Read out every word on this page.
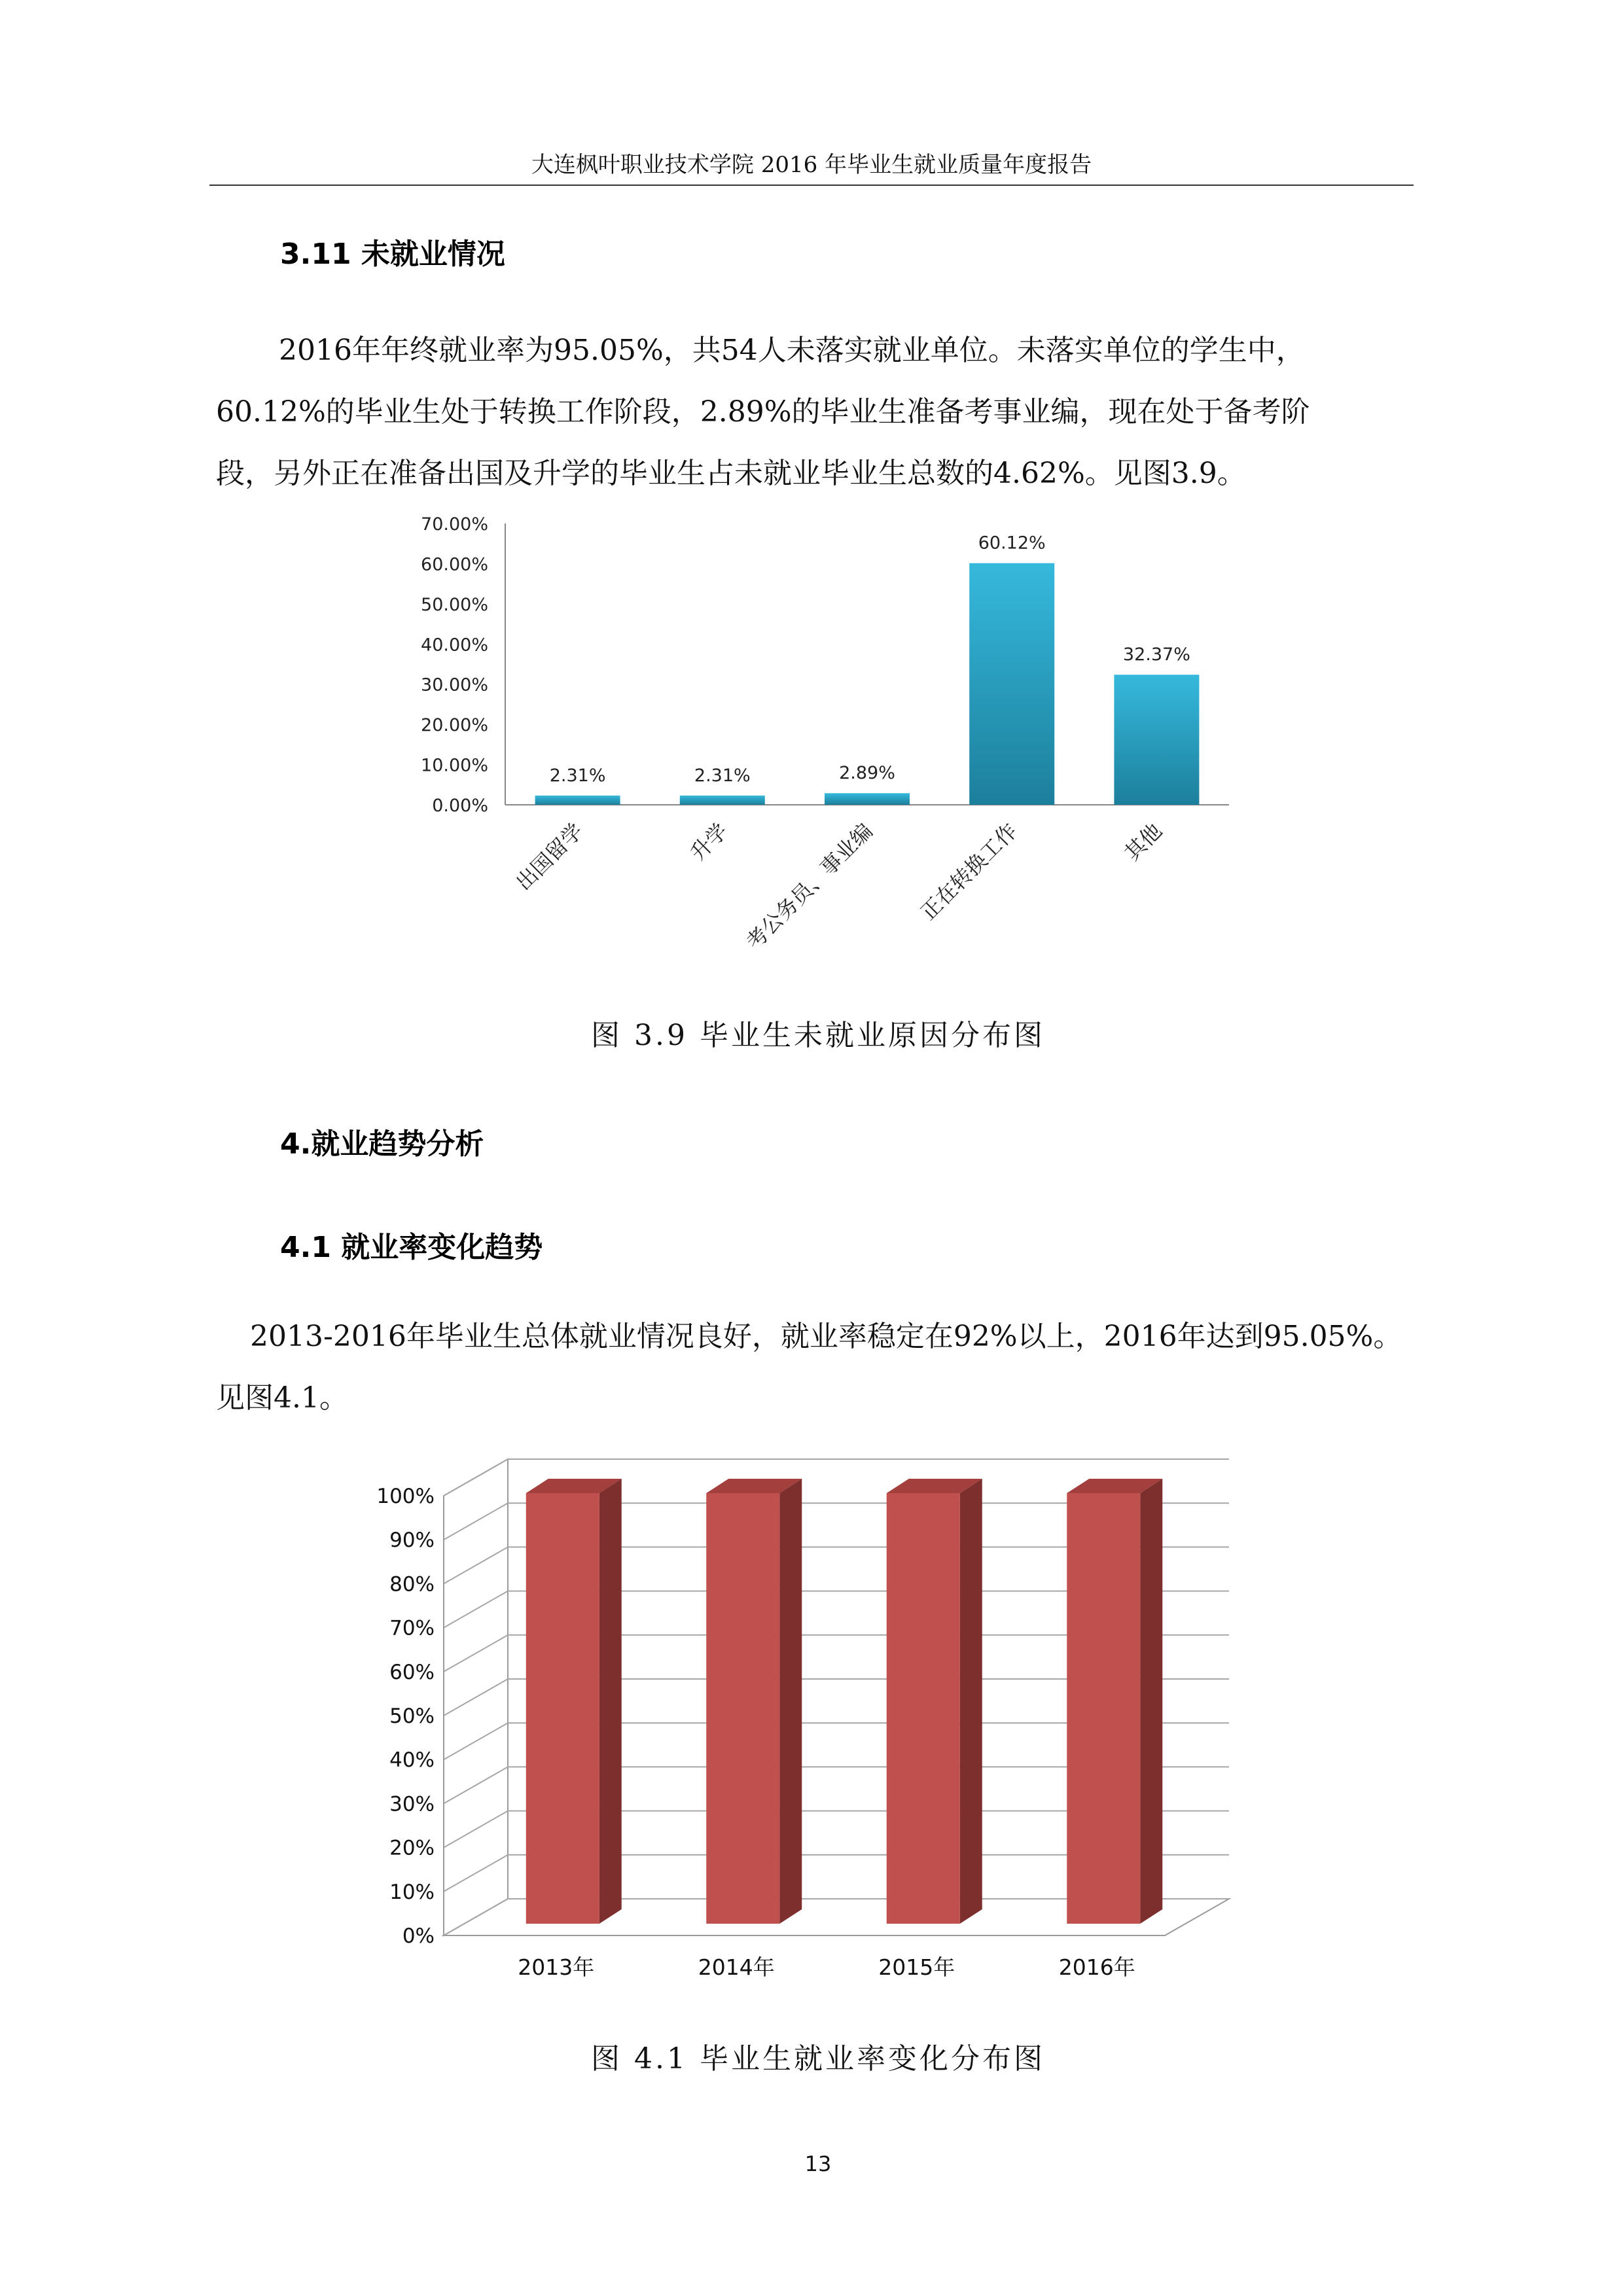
大连枫叶职业技术学院 2016 年毕业生就业质量年度报告
3.11 未就业情况

2016年年终就业率为95.05%，共54人未落实就业单位。未落实单位的学生中，

60.12%的毕业生处于转换工作阶段，2.89%的毕业生准备考事业编，现在处于备考阶

段，另外正在准备出国及升学的毕业生占未就业毕业生总数的4.62%。见图3.9。

0.00%
10.00%
20.00%
30.00%
40.00%
50.00%
60.00%
70.00%
2.31%	2.31%	2.89%
60.12%
32.37%
出国留学	升学 考公务员、事业编 正在转换工作	其他
图 3.9 毕业生未就业原因分布图
4.就业趋势分析
4.1 就业率变化趋势

2013-2016年毕业生总体就业情况良好，就业率稳定在92%以上，2016年达到95.05%。

见图4.1。

0%
10%
20%
30%
40%
50%
60%
70%
80%
90%
100%
2013年	2014年	2015年	2016年
图 4.1 毕业生就业率变化分布图
13
